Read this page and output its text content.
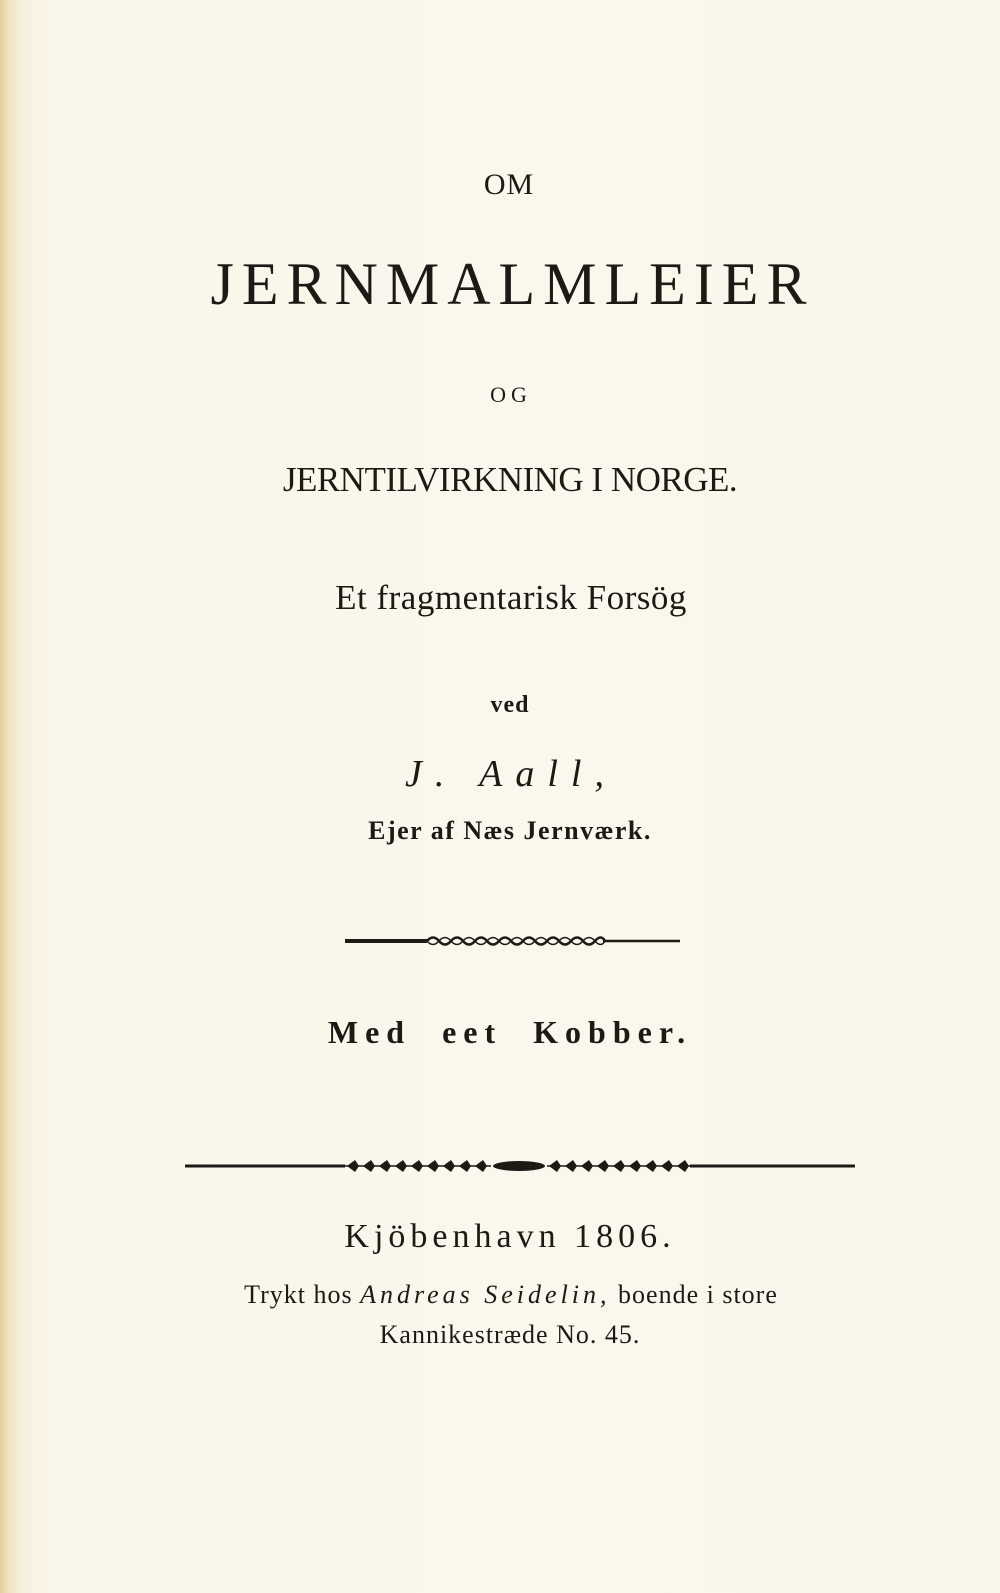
OM
JERNMALMLEIER
OG
JERNTILVIRKNING I NORGE.
Et fragmentarisk Forsög
ved
J. Aall,
Ejer af Næs Jernværk.
Med eet Kobber.
Kjöbenhavn 1806.
Trykt hos Andreas Seidelin, boende i store
Kannikestræde No. 45.
